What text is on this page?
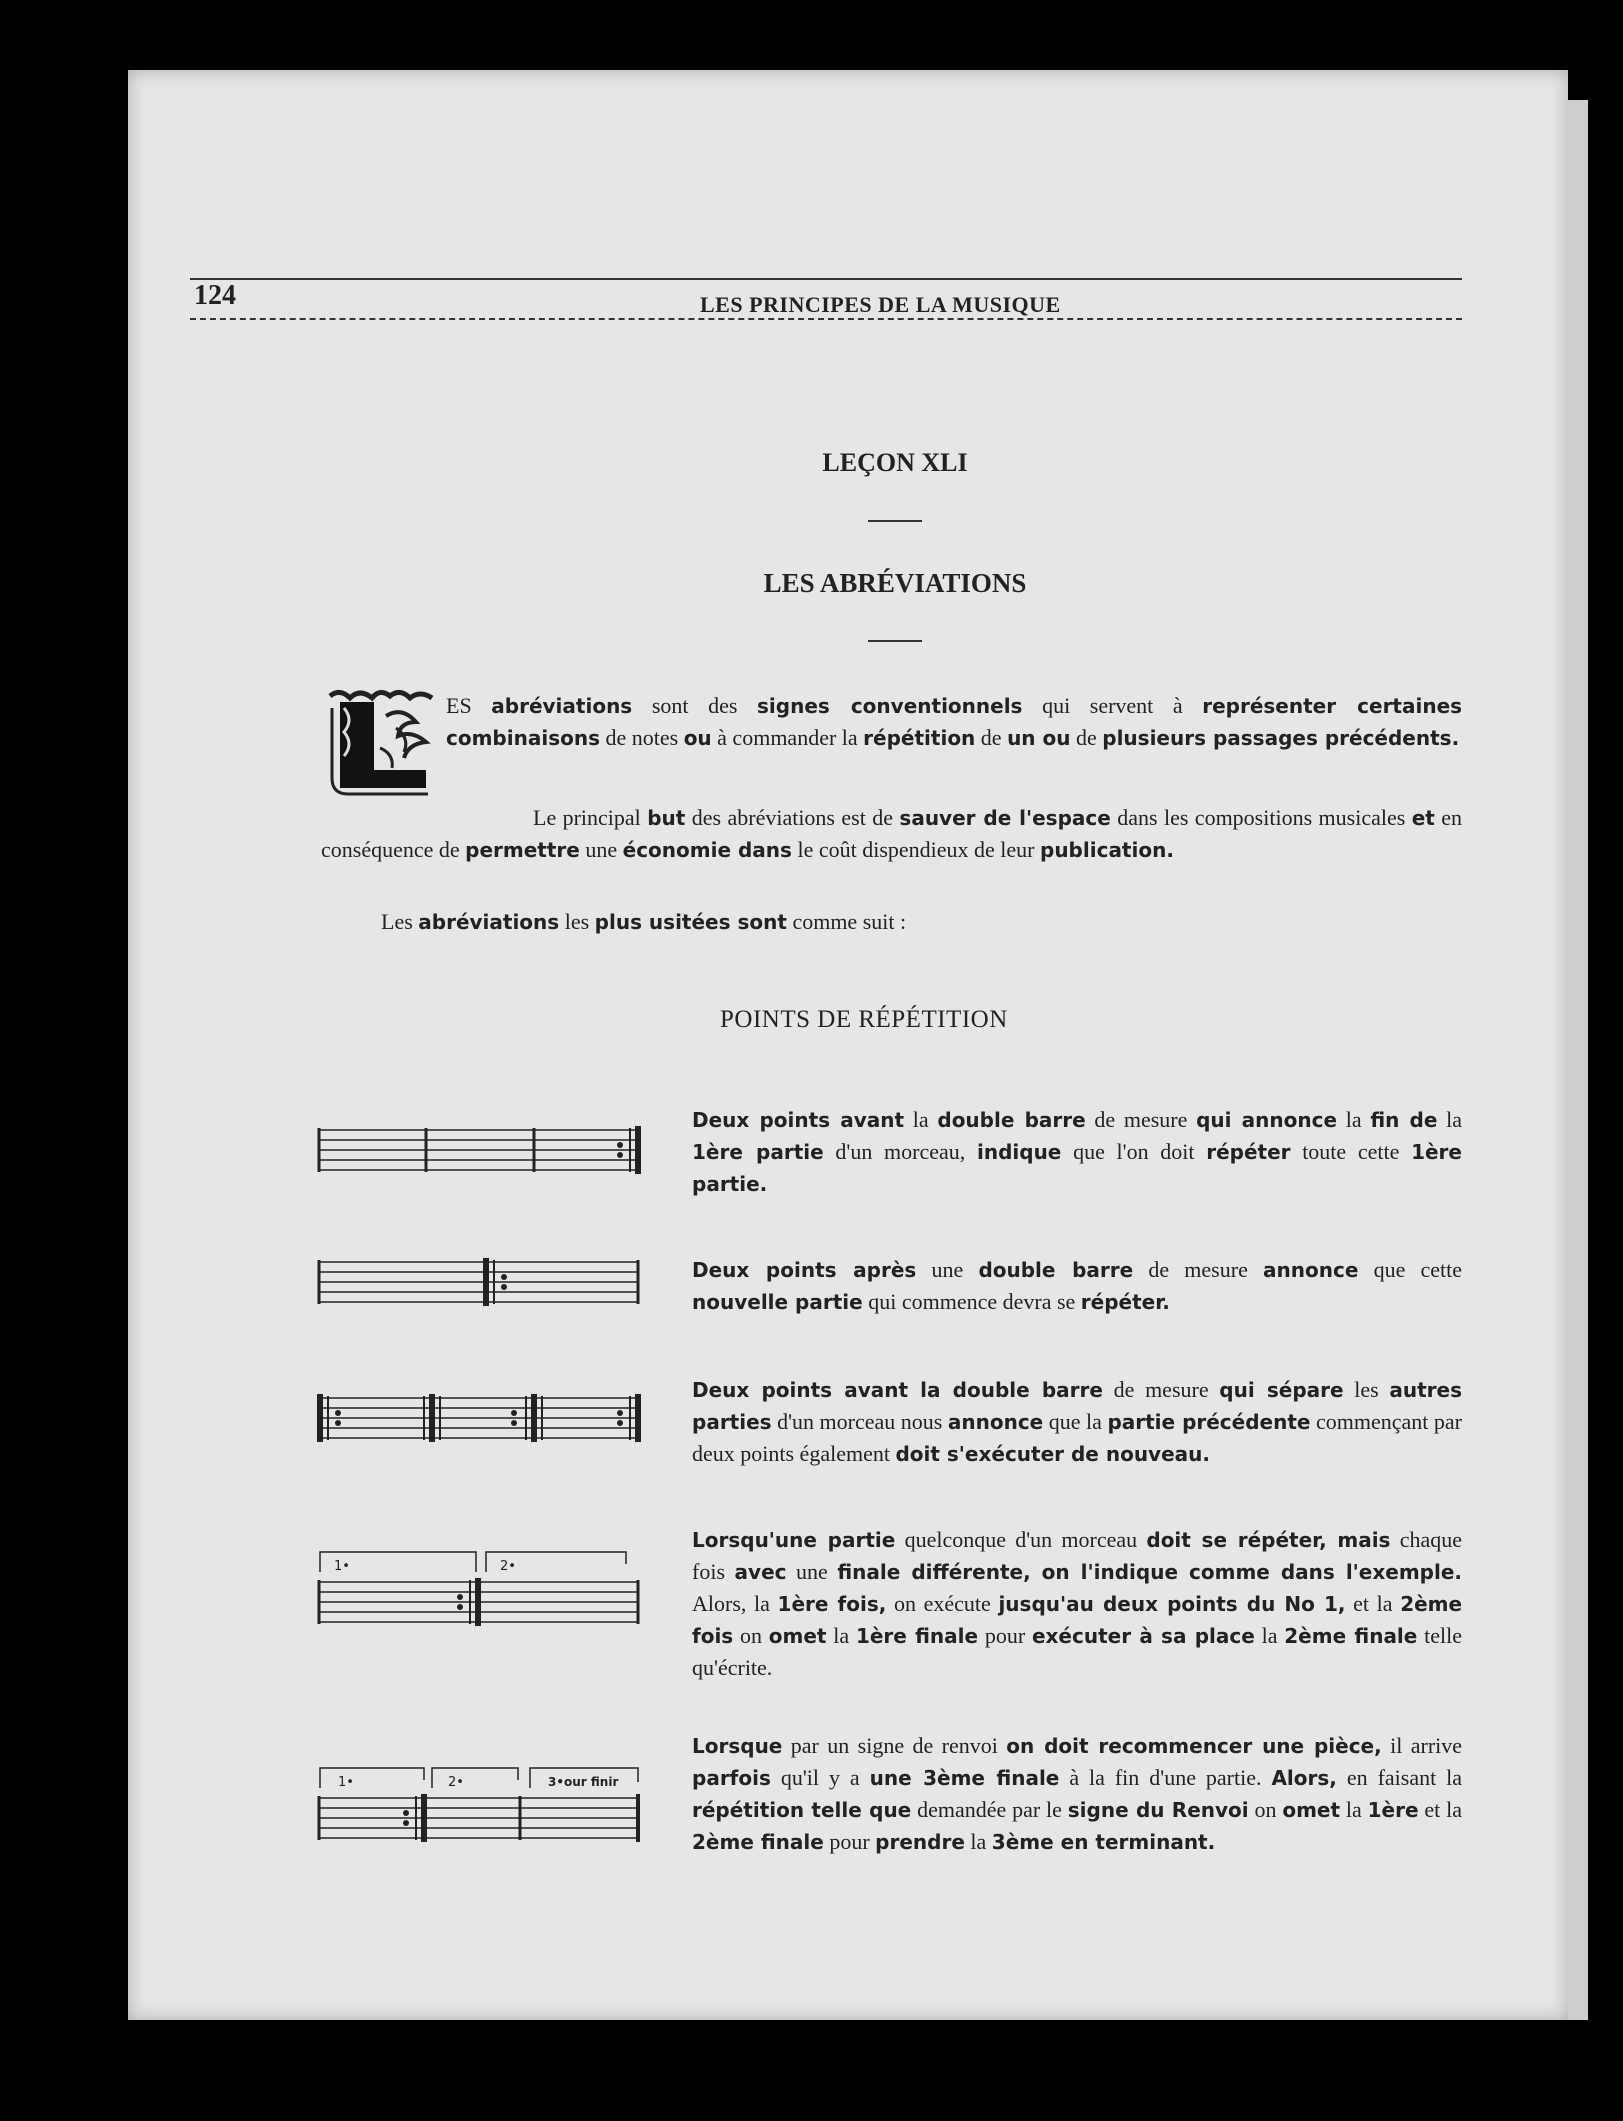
124	LES PRINCIPES DE LA MUSIQUE
LEÇON XLI
LES ABRÉVIATIONS
ES abréviations sont des signes conventionnels qui servent à représenter certaines combinaisons de notes ou à commander la répétition de un ou de plusieurs passages précédents.
Le principal but des abréviations est de sauver de l'espace dans les compositions musicales et en conséquence de permettre une économie dans le coût dispendieux de leur publication.
Les abréviations les plus usitées sont comme suit :
POINTS DE RÉPÉTITION
Deux points avant la double barre de mesure qui annonce la fin de la 1ère partie d'un morceau, indique que l'on doit répéter toute cette 1ère partie.
Deux points après une double barre de mesure annonce que cette nouvelle partie qui commence devra se répéter.
Deux points avant la double barre de mesure qui sépare les autres parties d'un morceau nous annonce que la partie précédente commençant par deux points également doit s'exécuter de nouveau.
1•	2•
Lorsqu'une partie quelconque d'un morceau doit se répéter, mais chaque fois avec une finale différente, on l'indique comme dans l'exemple. Alors, la 1ère fois, on exécute jusqu'au deux points du No 1, et la 2ème fois on omet la 1ère finale pour exécuter à sa place la 2ème finale telle qu'écrite.
1•	2•	3•our finir
Lorsque par un signe de renvoi on doit recommencer une pièce, il arrive parfois qu'il y a une 3ème finale à la fin d'une partie. Alors, en faisant la répétition telle que demandée par le signe du Renvoi on omet la 1ère et la 2ème finale pour prendre la 3ème en terminant.
